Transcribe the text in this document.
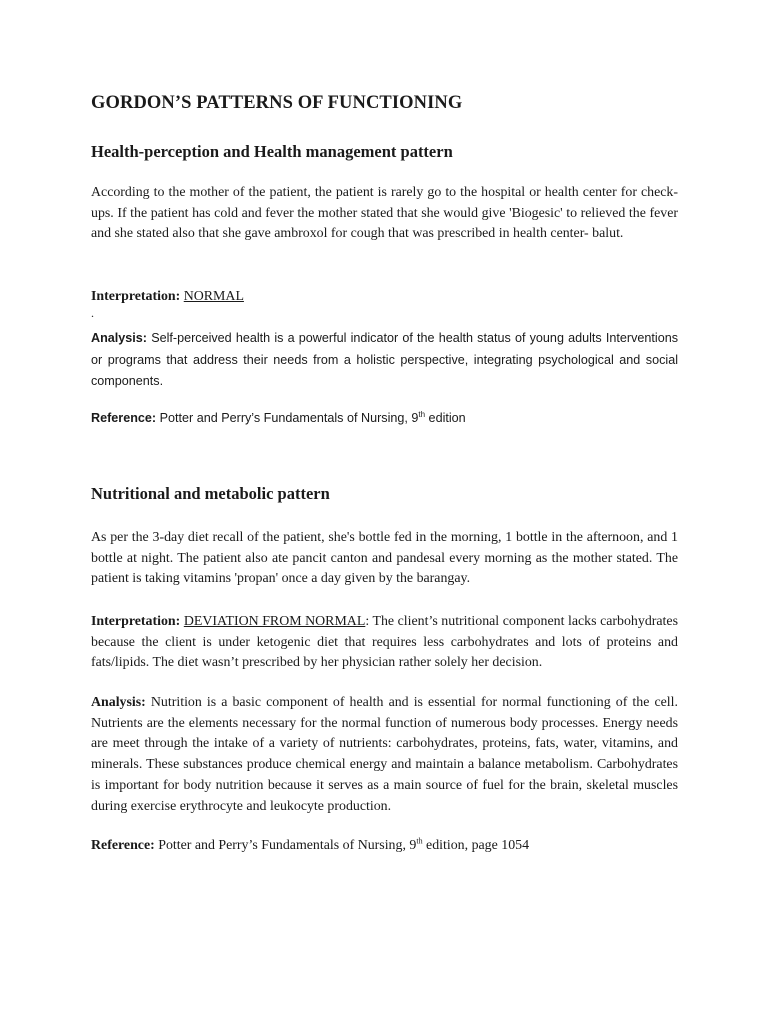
GORDON’S PATTERNS OF FUNCTIONING
Health-perception and Health management pattern

According to the mother of the patient, the patient is rarely go to the hospital or health center for check-ups. If the patient has cold and fever the mother stated that she would give 'Biogesic' to relieved the fever and she stated also that she gave ambroxol for cough that was prescribed in health center- balut.

Interpretation: NORMAL

.

Analysis: Self-perceived health is a powerful indicator of the health status of young adults Interventions or programs that address their needs from a holistic perspective, integrating psychological and social components.

Reference: Potter and Perry’s Fundamentals of Nursing, 9th edition

Nutritional and metabolic pattern

As per the 3-day diet recall of the patient, she's bottle fed in the morning, 1 bottle in the afternoon, and 1 bottle at night. The patient also ate pancit canton and pandesal every morning as the mother stated. The patient is taking vitamins 'propan' once a day given by the barangay.

Interpretation: DEVIATION FROM NORMAL: The client’s nutritional component lacks carbohydrates because the client is under ketogenic diet that requires less carbohydrates and lots of proteins and fats/lipids. The diet wasn’t prescribed by her physician rather solely her decision.

Analysis: Nutrition is a basic component of health and is essential for normal functioning of the cell. Nutrients are the elements necessary for the normal function of numerous body processes. Energy needs are meet through the intake of a variety of nutrients: carbohydrates, proteins, fats, water, vitamins, and minerals. These substances produce chemical energy and maintain a balance metabolism. Carbohydrates is important for body nutrition because it serves as a main source of fuel for the brain, skeletal muscles during exercise erythrocyte and leukocyte production.

Reference: Potter and Perry’s Fundamentals of Nursing, 9th edition, page 1054
